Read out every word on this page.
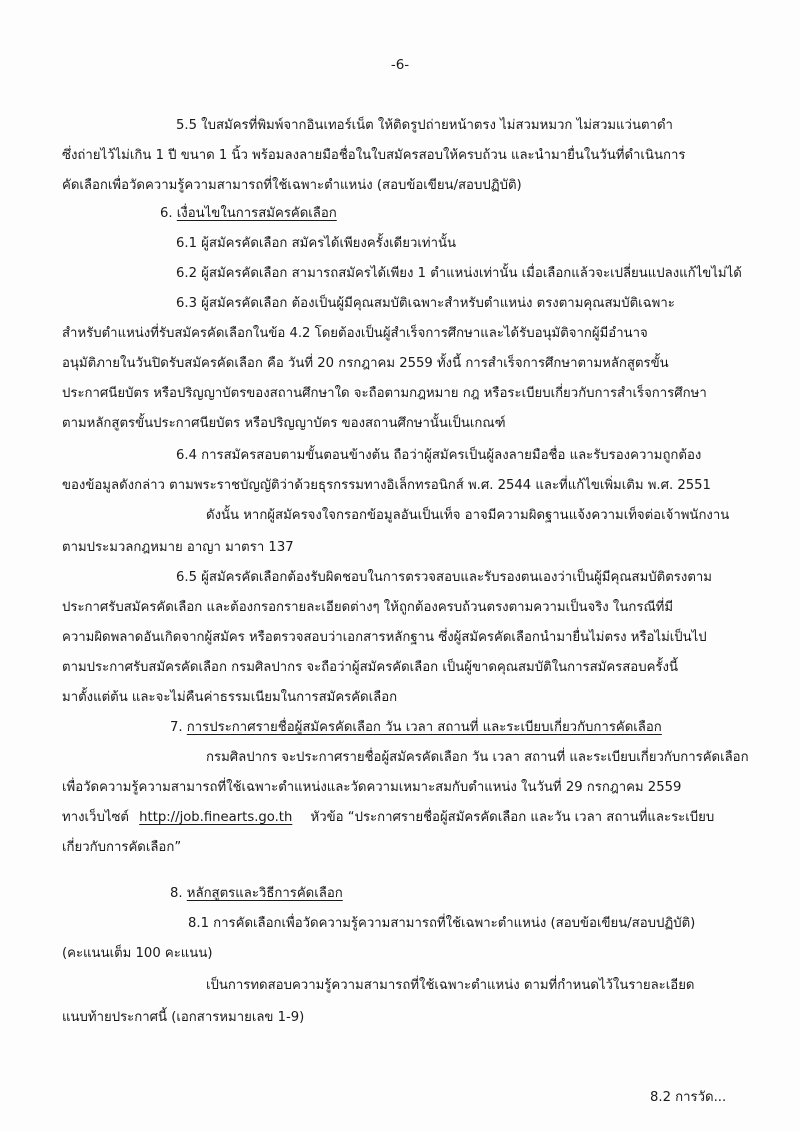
-6-
5.5 ใบสมัครที่พิมพ์จากอินเทอร์เน็ต ให้ติดรูปถ่ายหน้าตรง ไม่สวมหมวก ไม่สวมแว่นตาดำ
ซึ่งถ่ายไว้ไม่เกิน 1 ปี ขนาด 1 นิ้ว พร้อมลงลายมือชื่อในใบสมัครสอบให้ครบถ้วน และนำมายื่นในวันที่ดำเนินการ
คัดเลือกเพื่อวัดความรู้ความสามารถที่ใช้เฉพาะตำแหน่ง (สอบข้อเขียน/สอบปฏิบัติ)
6. เงื่อนไขในการสมัครคัดเลือก
6.1 ผู้สมัครคัดเลือก สมัครได้เพียงครั้งเดียวเท่านั้น
6.2 ผู้สมัครคัดเลือก สามารถสมัครได้เพียง 1 ตำแหน่งเท่านั้น เมื่อเลือกแล้วจะเปลี่ยนแปลงแก้ไขไม่ได้
6.3 ผู้สมัครคัดเลือก ต้องเป็นผู้มีคุณสมบัติเฉพาะสำหรับตำแหน่ง ตรงตามคุณสมบัติเฉพาะ
สำหรับตำแหน่งที่รับสมัครคัดเลือกในข้อ 4.2 โดยต้องเป็นผู้สำเร็จการศึกษาและได้รับอนุมัติจากผู้มีอำนาจ
อนุมัติภายในวันปิดรับสมัครคัดเลือก คือ วันที่ 20 กรกฎาคม 2559 ทั้งนี้ การสำเร็จการศึกษาตามหลักสูตรขั้น
ประกาศนียบัตร หรือปริญญาบัตรของสถานศึกษาใด จะถือตามกฎหมาย กฎ หรือระเบียบเกี่ยวกับการสำเร็จการศึกษา
ตามหลักสูตรขั้นประกาศนียบัตร หรือปริญญาบัตร ของสถานศึกษานั้นเป็นเกณฑ์
6.4 การสมัครสอบตามขั้นตอนข้างต้น ถือว่าผู้สมัครเป็นผู้ลงลายมือชื่อ และรับรองความถูกต้อง
ของข้อมูลดังกล่าว ตามพระราชบัญญัติว่าด้วยธุรกรรมทางอิเล็กทรอนิกส์ พ.ศ. 2544 และที่แก้ไขเพิ่มเติม พ.ศ. 2551
ดังนั้น หากผู้สมัครจงใจกรอกข้อมูลอันเป็นเท็จ อาจมีความผิดฐานแจ้งความเท็จต่อเจ้าพนักงาน
ตามประมวลกฎหมาย อาญา มาตรา 137
6.5 ผู้สมัครคัดเลือกต้องรับผิดชอบในการตรวจสอบและรับรองตนเองว่าเป็นผู้มีคุณสมบัติตรงตาม
ประกาศรับสมัครคัดเลือก และต้องกรอกรายละเอียดต่างๆ ให้ถูกต้องครบถ้วนตรงตามความเป็นจริง ในกรณีที่มี
ความผิดพลาดอันเกิดจากผู้สมัคร หรือตรวจสอบว่าเอกสารหลักฐาน ซึ่งผู้สมัครคัดเลือกนำมายื่นไม่ตรง หรือไม่เป็นไป
ตามประกาศรับสมัครคัดเลือก กรมศิลปากร จะถือว่าผู้สมัครคัดเลือก เป็นผู้ขาดคุณสมบัติในการสมัครสอบครั้งนี้
มาตั้งแต่ต้น และจะไม่คืนค่าธรรมเนียมในการสมัครคัดเลือก
7. การประกาศรายชื่อผู้สมัครคัดเลือก วัน เวลา สถานที่ และระเบียบเกี่ยวกับการคัดเลือก
กรมศิลปากร จะประกาศรายชื่อผู้สมัครคัดเลือก วัน เวลา สถานที่ และระเบียบเกี่ยวกับการคัดเลือก
เพื่อวัดความรู้ความสามารถที่ใช้เฉพาะตำแหน่งและวัดความเหมาะสมกับตำแหน่ง ในวันที่ 29 กรกฎาคม 2559
ทางเว็บไซต์ http://job.finearts.go.th หัวข้อ “ประกาศรายชื่อผู้สมัครคัดเลือก และวัน เวลา สถานที่และระเบียบ
เกี่ยวกับการคัดเลือก”
8. หลักสูตรและวิธีการคัดเลือก
8.1 การคัดเลือกเพื่อวัดความรู้ความสามารถที่ใช้เฉพาะตำแหน่ง (สอบข้อเขียน/สอบปฏิบัติ)
(คะแนนเต็ม 100 คะแนน)
เป็นการทดสอบความรู้ความสามารถที่ใช้เฉพาะตำแหน่ง ตามที่กำหนดไว้ในรายละเอียด
แนบท้ายประกาศนี้ (เอกสารหมายเลข 1-9)
8.2 การวัด...
